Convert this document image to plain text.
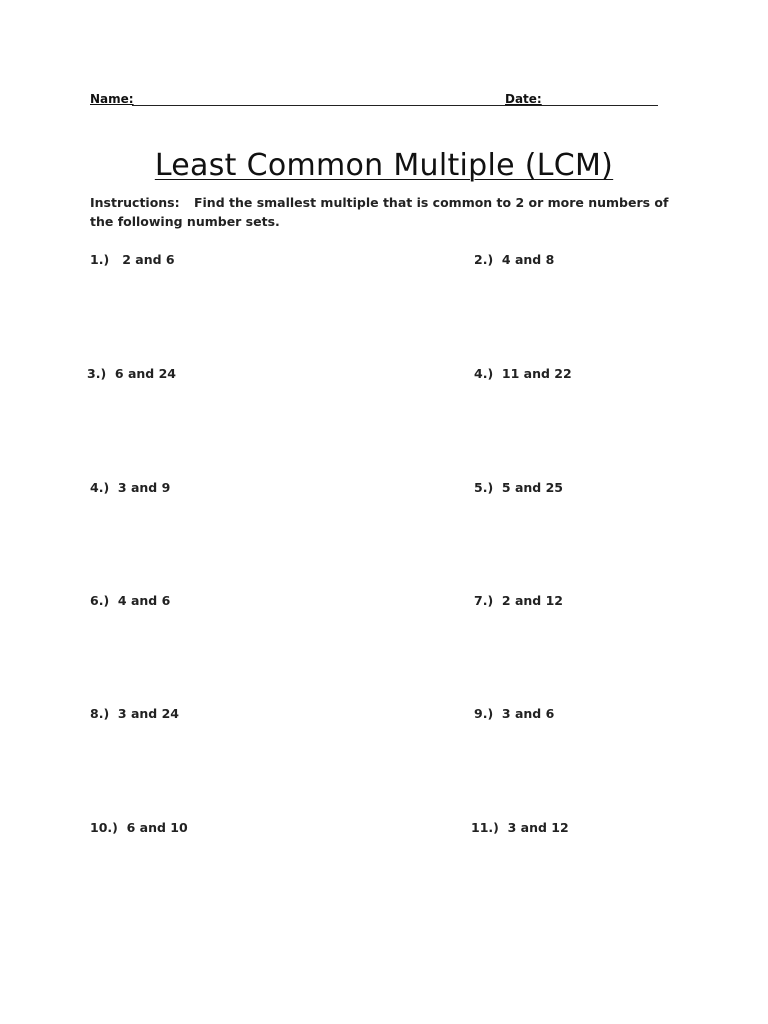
Name:	Date:
Least Common Multiple (LCM)
Instructions: Find the smallest multiple that is common to 2 or more numbers of the following number sets.
1.) 2 and 6	2.) 4 and 8
3.) 6 and 24	4.) 11 and 22
4.) 3 and 9	5.) 5 and 25
6.) 4 and 6	7.) 2 and 12
8.) 3 and 24	9.) 3 and 6
10.) 6 and 10	11.) 3 and 12
